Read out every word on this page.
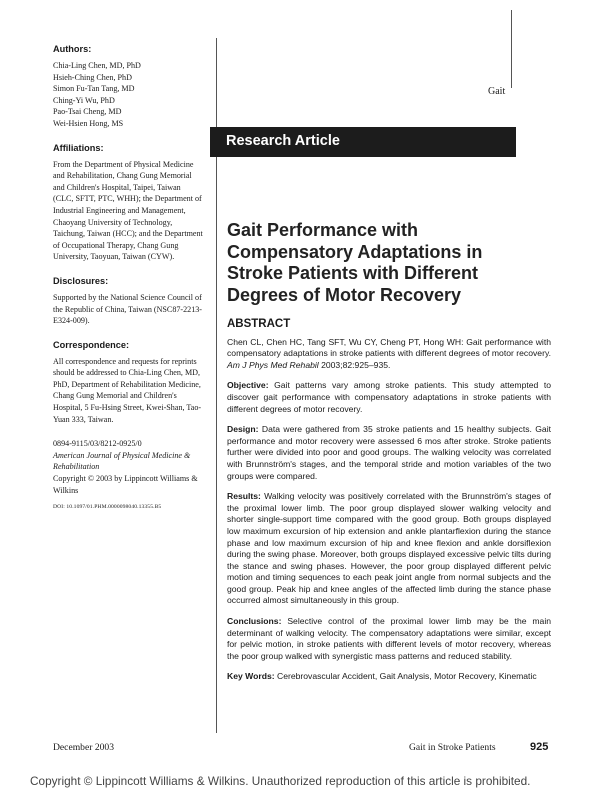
Authors:

Chia-Ling Chen, MD, PhD

Hsieh-Ching Chen, PhD

Simon Fu-Tan Tang, MD

Ching-Yi Wu, PhD

Pao-Tsai Cheng, MD

Wei-Hsien Hong, MS

Affiliations:

From the Department of Physical Medicine and Rehabilitation, Chang Gung Memorial and Children's Hospital, Taipei, Taiwan (CLC, SFTT, PTC, WHH); the Department of Industrial Engineering and Management, Chaoyang University of Technology, Taichung, Taiwan (HCC); and the Department of Occupational Therapy, Chang Gung University, Taoyuan, Taiwan (CYW).

Disclosures:

Supported by the National Science Council of the Republic of China, Taiwan (NSC87-2213-E324-009).

Correspondence:

All correspondence and requests for reprints should be addressed to Chia-Ling Chen, MD, PhD, Department of Rehabilitation Medicine, Chang Gung Memorial and Children's Hospital, 5 Fu-Hsing Street, Kwei-Shan, Tao-Yuan 333, Taiwan.

0894-9115/03/8212-0925/0

American Journal of Physical Medicine & Rehabilitation

Copyright © 2003 by Lippincott Williams & Wilkins

DOI: 10.1097/01.PHM.0000098040.13355.B5

Gait
Research Article
Gait Performance with Compensatory Adaptations in Stroke Patients with Different Degrees of Motor Recovery

ABSTRACT

Chen CL, Chen HC, Tang SFT, Wu CY, Cheng PT, Hong WH: Gait performance with compensatory adaptations in stroke patients with different degrees of motor recovery. Am J Phys Med Rehabil 2003;82:925–935.

Objective: Gait patterns vary among stroke patients. This study attempted to discover gait performance with compensatory adaptations in stroke patients with different degrees of motor recovery.

Design: Data were gathered from 35 stroke patients and 15 healthy subjects. Gait performance and motor recovery were assessed 6 mos after stroke. Stroke patients further were divided into poor and good groups. The walking velocity was correlated with Brunnström's stages, and the temporal stride and motion variables of the two groups were compared.

Results: Walking velocity was positively correlated with the Brunnström's stages of the proximal lower limb. The poor group displayed slower walking velocity and shorter single-support time compared with the good group. Both groups displayed low maximum excursion of hip extension and ankle plantarflexion during the stance phase and low maximum excursion of hip and knee flexion and ankle dorsiflexion during the swing phase. Moreover, both groups displayed excessive pelvic tilts during the stance and swing phases. However, the poor group displayed different pelvic motion and timing sequences to each peak joint angle from normal subjects and the good group. Peak hip and knee angles of the affected limb during the stance phase occurred almost simultaneously in this group.

Conclusions: Selective control of the proximal lower limb may be the main determinant of walking velocity. The compensatory adaptations were similar, except for pelvic motion, in stroke patients with different levels of motor recovery, whereas the poor group walked with synergistic mass patterns and reduced stability.

Key Words: Cerebrovascular Accident, Gait Analysis, Motor Recovery, Kinematic

December 2003	Gait in Stroke Patients	925
Copyright © Lippincott Williams & Wilkins. Unauthorized reproduction of this article is prohibited.
